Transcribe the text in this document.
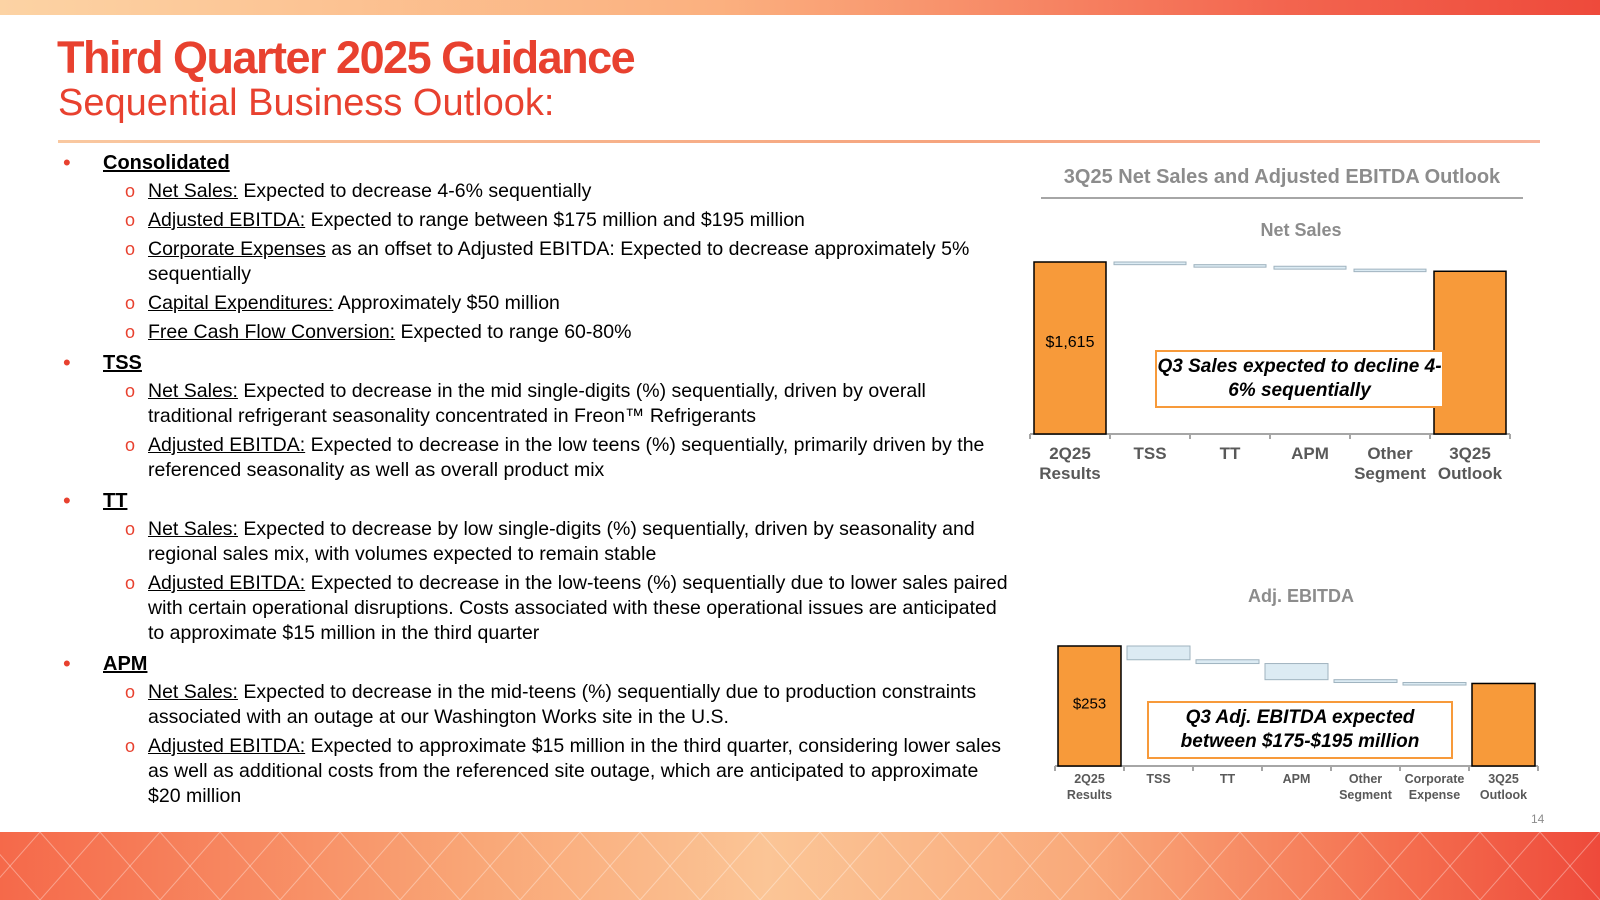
Third Quarter 2025 Guidance
Sequential Business Outlook:
• Consolidated
o Net Sales: Expected to decrease 4-6% sequentially
o Adjusted EBITDA: Expected to range between $175 million and $195 million
o Corporate Expenses as an offset to Adjusted EBITDA: Expected to decrease approximately 5% sequentially
o Capital Expenditures: Approximately $50 million
o Free Cash Flow Conversion: Expected to range 60-80%
• TSS
o Net Sales: Expected to decrease in the mid single-digits (%) sequentially, driven by overall traditional refrigerant seasonality concentrated in Freon™ Refrigerants
o Adjusted EBITDA: Expected to decrease in the low teens (%) sequentially, primarily driven by the referenced seasonality as well as overall product mix
• TT
o Net Sales: Expected to decrease by low single-digits (%) sequentially, driven by seasonality and regional sales mix, with volumes expected to remain stable
o Adjusted EBITDA: Expected to decrease in the low-teens (%) sequentially due to lower sales paired with certain operational disruptions. Costs associated with these operational issues are anticipated to approximate $15 million in the third quarter
• APM
o Net Sales: Expected to decrease in the mid-teens (%) sequentially due to production constraints associated with an outage at our Washington Works site in the U.S.
o Adjusted EBITDA: Expected to approximate $15 million in the third quarter, considering lower sales as well as additional costs from the referenced site outage, which are anticipated to approximate $20 million
3Q25 Net Sales and Adjusted EBITDA Outlook
Net Sales
$1,615
2Q25
Results
TSS	TT	APM Other
Segment
3Q25
Outlook
Q3 Sales expected to decline 4-6% sequentially
Adj. EBITDA
$253
2Q25
Results
TSS	TT	APM	Other
Segment
Corporate
Expense
3Q25
Outlook
Q3 Adj. EBITDA expected between $175-$195 million
14
